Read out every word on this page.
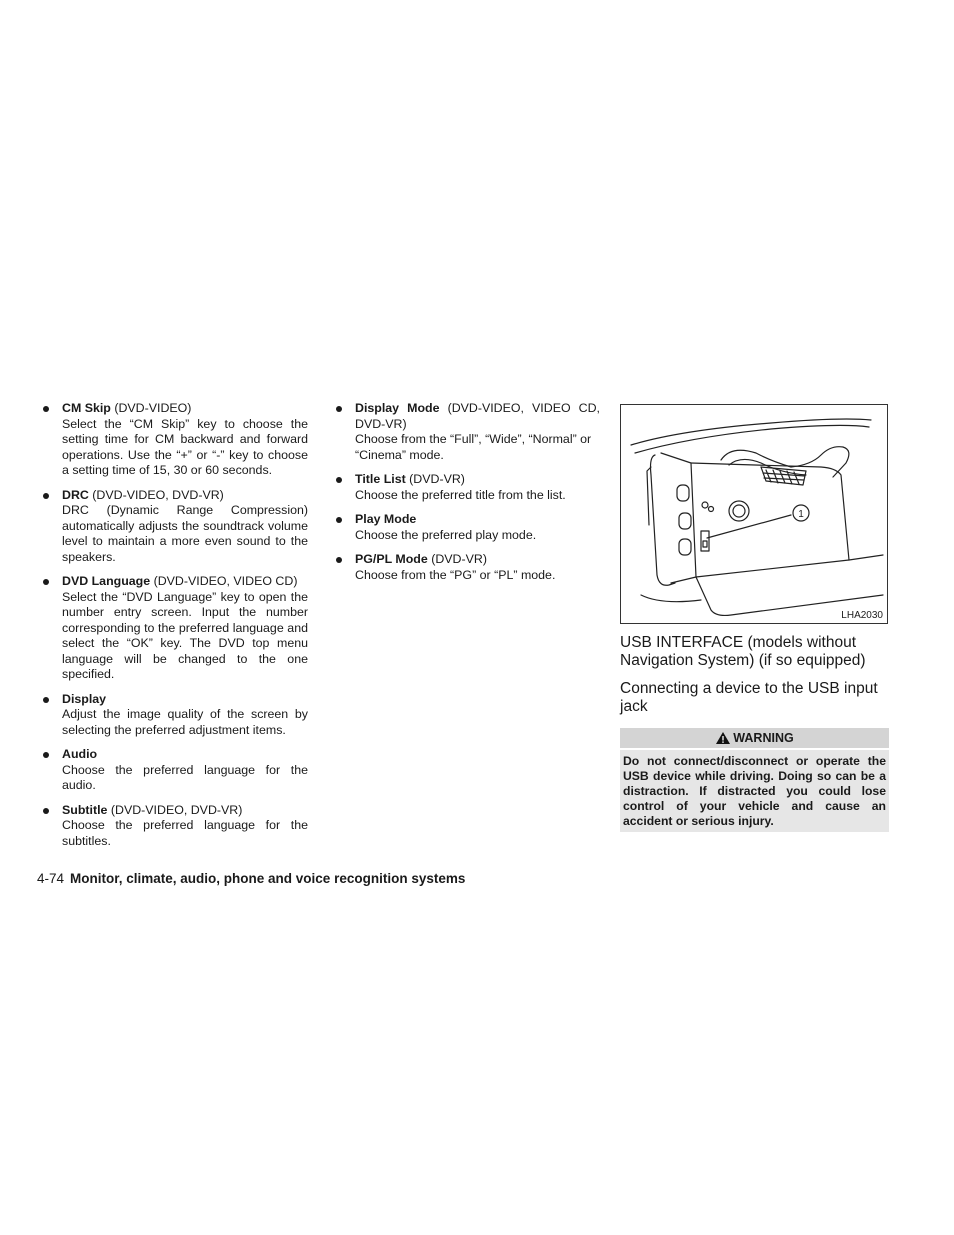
CM Skip (DVD-VIDEO)
Select the “CM Skip” key to choose the setting time for CM backward and forward operations. Use the “+” or “-” key to choose a setting time of 15, 30 or 60 seconds.
DRC (DVD-VIDEO, DVD-VR)
DRC (Dynamic Range Compression) automatically adjusts the soundtrack volume level to maintain a more even sound to the speakers.
DVD Language (DVD-VIDEO, VIDEO CD)
Select the “DVD Language” key to open the number entry screen. Input the number corresponding to the preferred language and select the “OK” key. The DVD top menu language will be changed to the one specified.
Display
Adjust the image quality of the screen by selecting the preferred adjustment items.
Audio
Choose the preferred language for the audio.
Subtitle (DVD-VIDEO, DVD-VR)
Choose the preferred language for the subtitles.
Display Mode (DVD-VIDEO, VIDEO CD, DVD-VR)
Choose from the “Full”, “Wide”, “Normal” or “Cinema” mode.
Title List (DVD-VR)
Choose the preferred title from the list.
Play Mode
Choose the preferred play mode.
PG/PL Mode (DVD-VR)
Choose from the “PG” or “PL” mode.
1
LHA2030
USB INTERFACE (models without Navigation System) (if so equipped)
Connecting a device to the USB input jack
WARNING
Do not connect/disconnect or operate the USB device while driving. Doing so can be a distraction. If distracted you could lose control of your vehicle and cause an accident or serious injury.
4-74 Monitor, climate, audio, phone and voice recognition systems
